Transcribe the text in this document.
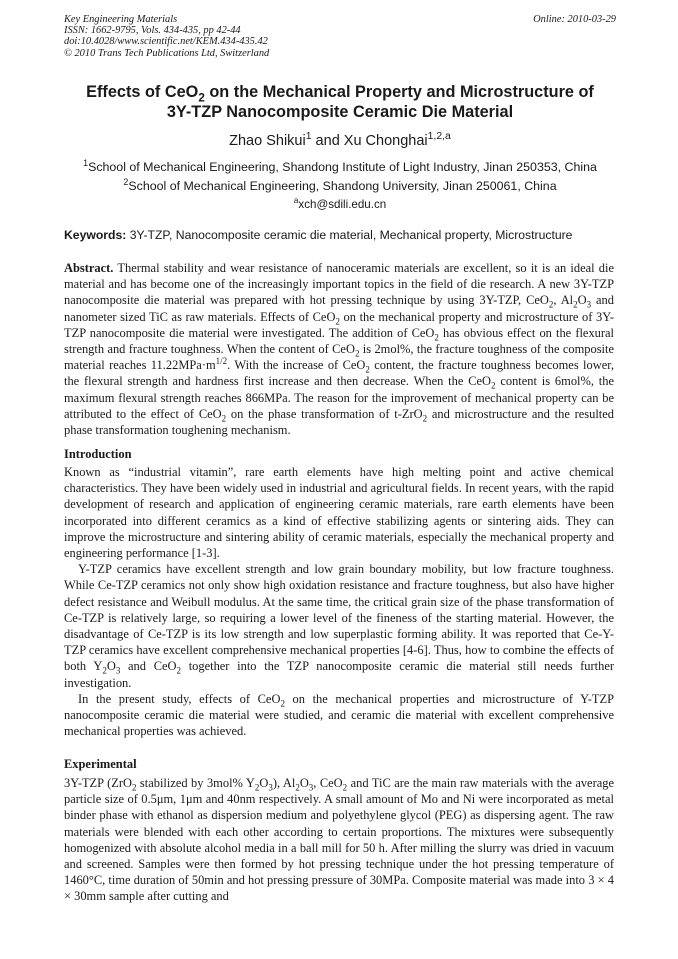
Key Engineering Materials
ISSN: 1662-9795, Vols. 434-435, pp 42-44
doi:10.4028/www.scientific.net/KEM.434-435.42
© 2010 Trans Tech Publications Ltd, Switzerland
Online: 2010-03-29
Effects of CeO$_2$ on the Mechanical Property and Microstructure of
3Y-TZP Nanocomposite Ceramic Die Material
Zhao Shikui$^1$ and Xu Chonghai$^{1,2,a}$
$^1$School of Mechanical Engineering, Shandong Institute of Light Industry, Jinan 250353, China
$^2$School of Mechanical Engineering, Shandong University, Jinan 250061, China
$^a$xch@sdili.edu.cn
Keywords: 3Y-TZP, Nanocomposite ceramic die material, Mechanical property, Microstructure
Abstract. Thermal stability and wear resistance of nanoceramic materials are excellent, so it is an ideal die material and has become one of the increasingly important topics in the field of die research. A new 3Y-TZP nanocomposite die material was prepared with hot pressing technique by using 3Y-TZP, CeO$_2$, $Al_2O_3$ and nanometer sized TiC as raw materials. Effects of CeO$_2$ on the mechanical property and microstructure of 3Y-TZP nanocomposite die material were investigated. The addition of CeO$_2$ has obvious effect on the flexural strength and fracture toughness. When the content of CeO$_2$ is 2mol%, the fracture toughness of the composite material reaches $11.22MPa\cdot m^{1/2}$. With the increase of CeO$_2$ content, the fracture toughness becomes lower, the flexural strength and hardness first increase and then decrease. When the CeO$_2$ content is 6mol%, the maximum flexural strength reaches 866MPa. The reason for the improvement of mechanical property can be attributed to the effect of CeO$_2$ on the phase transformation of t-ZrO$_2$ and microstructure and the resulted phase transformation toughening mechanism.
Introduction
Known as “industrial vitamin”, rare earth elements have high melting point and active chemical characteristics. They have been widely used in industrial and agricultural fields. In recent years, with the rapid development of research and application of engineering ceramic materials, rare earth elements have been incorporated into different ceramics as a kind of effective stabilizing agents or sintering aids. They can improve the microstructure and sintering ability of ceramic materials, especially the mechanical property and engineering performance [1-3].
Y-TZP ceramics have excellent strength and low grain boundary mobility, but low fracture toughness. While Ce-TZP ceramics not only show high oxidation resistance and fracture toughness, but also have higher defect resistance and Weibull modulus. At the same time, the critical grain size of the phase transformation of Ce-TZP is relatively large, so requiring a lower level of the fineness of the starting material. However, the disadvantage of Ce-TZP is its low strength and low superplastic forming ability. It was reported that Ce-Y-TZP ceramics have excellent comprehensive mechanical properties [4-6]. Thus, how to combine the effects of both $Y_2O_3$ and CeO$_2$ together into the TZP nanocomposite ceramic die material still needs further investigation.
In the present study, effects of CeO$_2$ on the mechanical properties and microstructure of Y-TZP nanocomposite ceramic die material were studied, and ceramic die material with excellent comprehensive mechanical properties was achieved.
Experimental
3Y-TZP (ZrO$_2$ stabilized by 3mol% $Y_2O_3$), $Al_2O_3$, CeO$_2$ and TiC are the main raw materials with the average particle size of 0.5μm, 1μm and 40nm respectively. A small amount of Mo and Ni were incorporated as metal binder phase with ethanol as dispersion medium and polyethylene glycol (PEG) as dispersing agent. The raw materials were blended with each other according to certain proportions. The mixtures were subsequently homogenized with absolute alcohol media in a ball mill for 50 h. After milling the slurry was dried in vacuum and screened. Samples were then formed by hot pressing technique under the hot pressing temperature of 1460°C, time duration of 50min and hot pressing pressure of 30MPa. Composite material was made into 3 × 4 × 30mm sample after cutting and
